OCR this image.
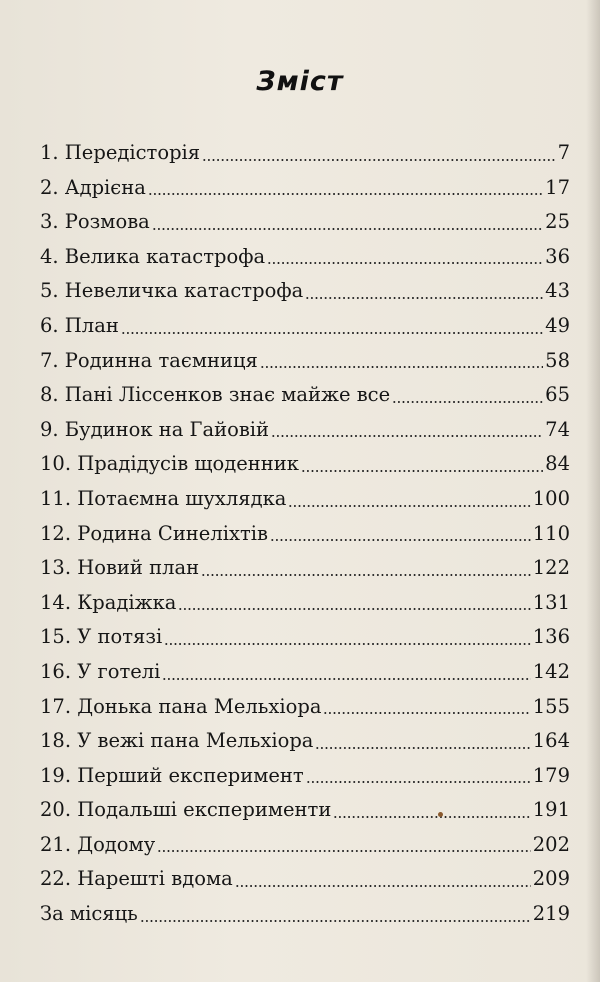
Зміст
1. Передісторія	7
2. Адрієна	17
3. Розмова	25
4. Велика катастрофа	36
5. Невеличка катастрофа	43
6. План	49
7. Родинна таємниця	58
8. Пані Ліссенков знає майже все	65
9. Будинок на Гайовій	74
10. Прадідусів щоденник	84
11. Потаємна шухлядка	100
12. Родина Синеліхтів	110
13. Новий план	122
14. Крадіжка	131
15. У потязі	136
16. У готелі	142
17. Донька пана Мельхіора	155
18. У вежі пана Мельхіора	164
19. Перший експеримент	179
20. Подальші експерименти	191
21. Додому	202
22. Нарешті вдома	209
За місяць	219
